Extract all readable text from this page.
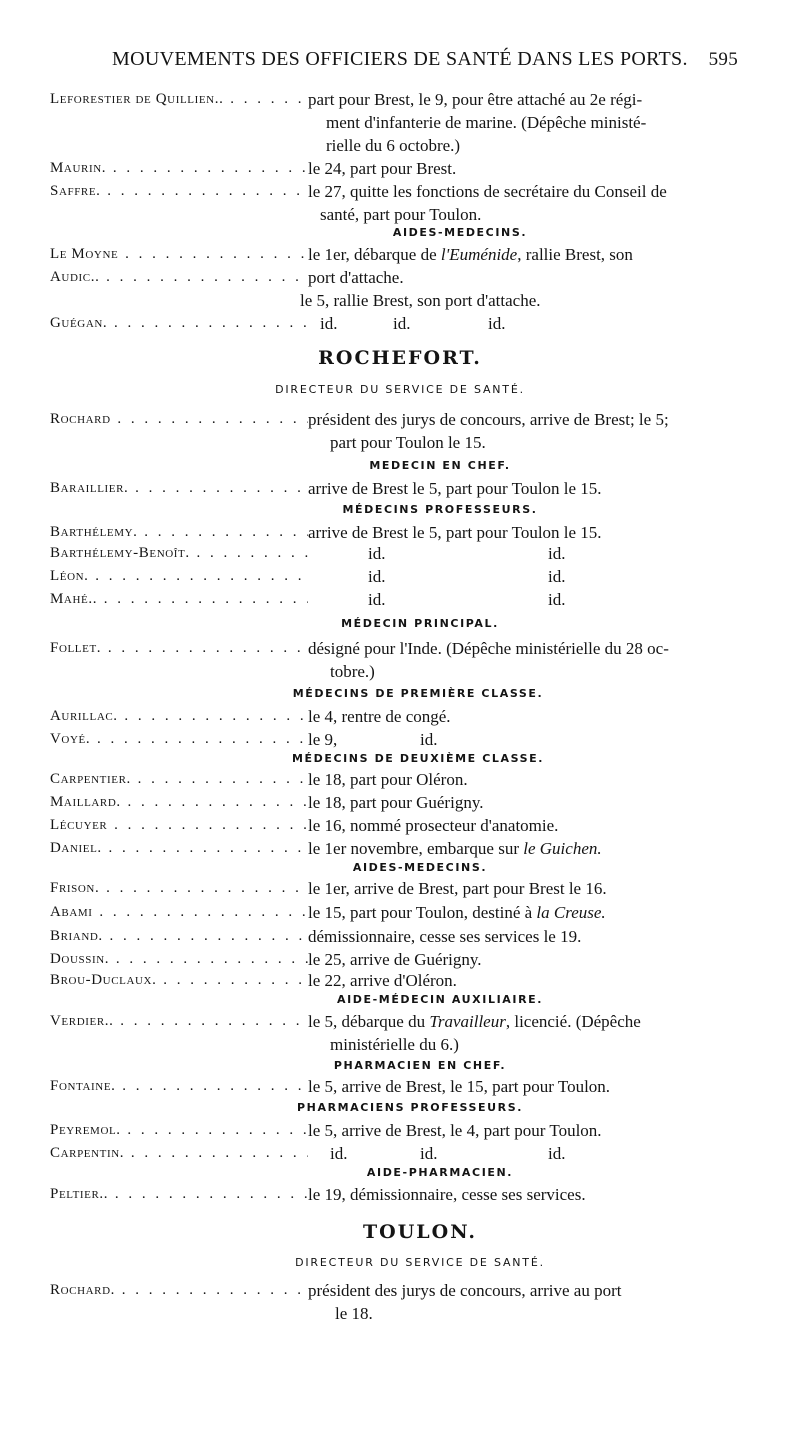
MOUVEMENTS DES OFFICIERS DE SANTÉ DANS LES PORTS. 595
Leforestier de Quillien.. . . .	part pour Brest, le 9, pour être attaché au 2e régi-
ment d'infanterie de marine. (Dépêche ministé-
rielle du 6 octobre.)
Maurin. . . .	le 24, part pour Brest.
Saffre. . . .	le 27, quitte les fonctions de secrétaire du Conseil de
santé, part pour Toulon.
AIDES-MEDECINS.
Le Moyne . . .	le 1er, débarque de l'Euménide, rallie Brest, son
Audic.. . . .	port d'attache.
le 5, rallie Brest, son port d'attache.
Guégan. . . .	id.	id.	id.
ROCHEFORT.
DIRECTEUR DU SERVICE DE SANTÉ.
Rochard . . .	président des jurys de concours, arrive de Brest; le 5;
part pour Toulon le 15.
MEDECIN EN CHEF.
Baraillier. . . .	arrive de Brest le 5, part pour Toulon le 15.
MÉDECINS PROFESSEURS.
Barthélemy. . . .	arrive de Brest le 5, part pour Toulon le 15.
Barthélemy-Benoît. . . .	id.	id.
Léon. . . .	id.	id.
Mahé.. . . .	id.	id.
MÉDECIN PRINCIPAL.
Follet. . . .	désigné pour l'Inde. (Dépêche ministérielle du 28 oc-
tobre.)
MÉDECINS DE PREMIÈRE CLASSE.
Aurillac. . . .	le 4, rentre de congé.
Voyé. . . .	le 9,	id.
MÉDECINS DE DEUXIÈME CLASSE.
Carpentier. . . .	le 18, part pour Oléron.
Maillard. . . .	le 18, part pour Guérigny.
Lécuyer . . .	le 16, nommé prosecteur d'anatomie.
Daniel. . . .	le 1er novembre, embarque sur le Guichen.
AIDES-MEDECINS.
Frison. . . .	le 1er, arrive de Brest, part pour Brest le 16.
Abami . . .	le 15, part pour Toulon, destiné à la Creuse.
Briand. . . .	démissionnaire, cesse ses services le 19.
Doussin. . . .	le 25, arrive de Guérigny.
Brou-Duclaux. . . .	le 22, arrive d'Oléron.
AIDE-MÉDECIN AUXILIAIRE.
Verdier.. . . .	le 5, débarque du Travailleur, licencié. (Dépêche
ministérielle du 6.)
PHARMACIEN EN CHEF.
Fontaine. . . .	le 5, arrive de Brest, le 15, part pour Toulon.
PHARMACIENS PROFESSEURS.
Peyremol. . . .	le 5, arrive de Brest, le 4, part pour Toulon.
Carpentin. . . .	id.	id.	id.
AIDE-PHARMACIEN.
Peltier.. . . .	le 19, démissionnaire, cesse ses services.
TOULON.
DIRECTEUR DU SERVICE DE SANTÉ.
Rochard. . . .	président des jurys de concours, arrive au port
le 18.
